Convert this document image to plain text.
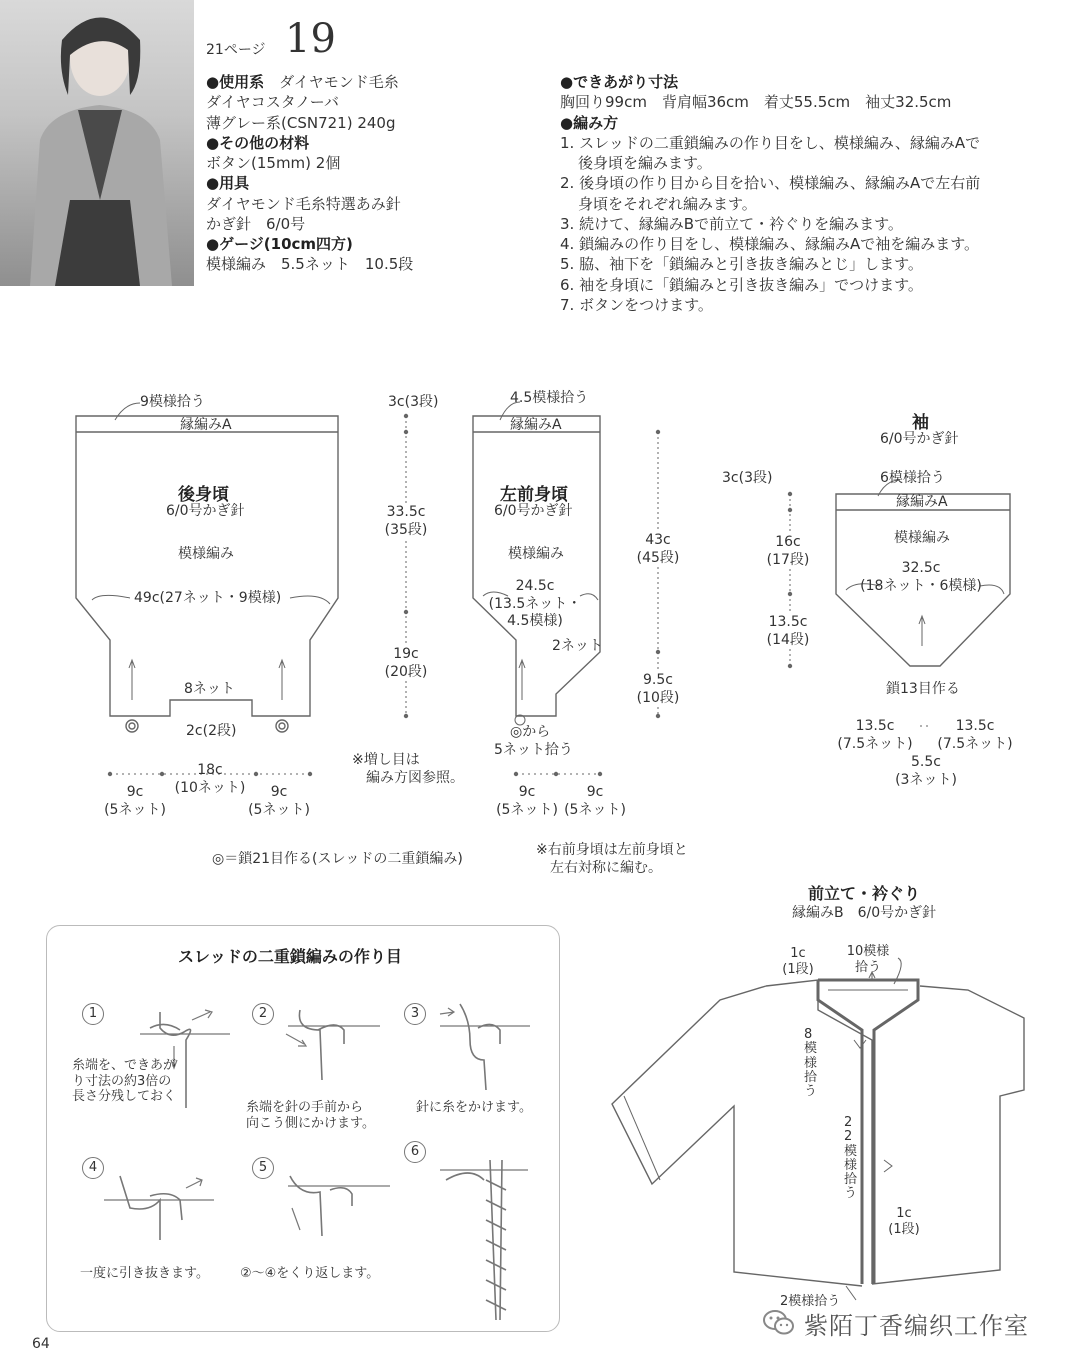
21ページ 19
●使用系　 ダイヤモンド毛糸
ダイヤコスタノーバ
薄グレー系(CSN721) 240g
●その他の材料
ボタン(15mm) 2個
●用具
ダイヤモンド毛糸特選あみ針
かぎ針　6/0号
●ゲージ(10cm四方)
模様編み　5.5ネット　10.5段
●できあがり寸法
胸回り99cm　背肩幅36cm　着丈55.5cm　袖丈32.5cm
●編み方
1. スレッドの二重鎖編みの作り目をし、模様編み、縁編みAで
後身頃を編みます。
2. 後身頃の作り目から目を拾い、模様編み、縁編みAで左右前
身頃をそれぞれ編みます。
3. 続けて、縁編みBで前立て・衿ぐりを編みます。
4. 鎖編みの作り目をし、模様編み、縁編みAで袖を編みます。
5. 脇、袖下を「鎖編みと引き抜き編みとじ」します。
6. 袖を身頃に「鎖編みと引き抜き編み」でつけます。
7. ボタンをつけます。
9模様拾う
縁編みA
後身頃
6/0号かぎ針
模様編み
49c(27ネット・9模様)
8ネット
2c(2段)
18c
(10ネット)
9c
(5ネット)
9c
(5ネット)
3c(3段)
33.5c
(35段)
19c
(20段)
※増し目は
編み方図参照。
4.5模様拾う
縁編みA
左前身頃
6/0号かぎ針
模様編み
24.5c
(13.5ネット・
4.5模様)
2ネット
◎から
5ネット拾う
9c
(5ネット)
9c
(5ネット)
43c
(45段)
9.5c
(10段)
袖
6/0号かぎ針
3c(3段)	6模様拾う
縁編みA
模様編み
32.5c
(18ネット・6模様)
16c
(17段)
13.5c
(14段)
鎖13目作る
13.5c
(7.5ネット)
13.5c
(7.5ネット)
5.5c
(3ネット)
◎＝鎖21目作る(スレッドの二重鎖編み)
※右前身頃は左前身頃と
左右対称に編む。
前立て・衿ぐり
縁編みB　6/0号かぎ針
1c
(1段)
10模様
拾う
8模様拾う
22模様拾う
1c
(1段)
2模様拾う
スレッドの二重鎖編みの作り目
1	2	3
4	5
6
糸端を、できあが
り寸法の約3倍の
長さ分残しておく
糸端を針の手前から
向こう側にかけます。
針に糸をかけます。
一度に引き抜きます。 ②～④をくり返します。
64
紫陌丁香编织工作室
